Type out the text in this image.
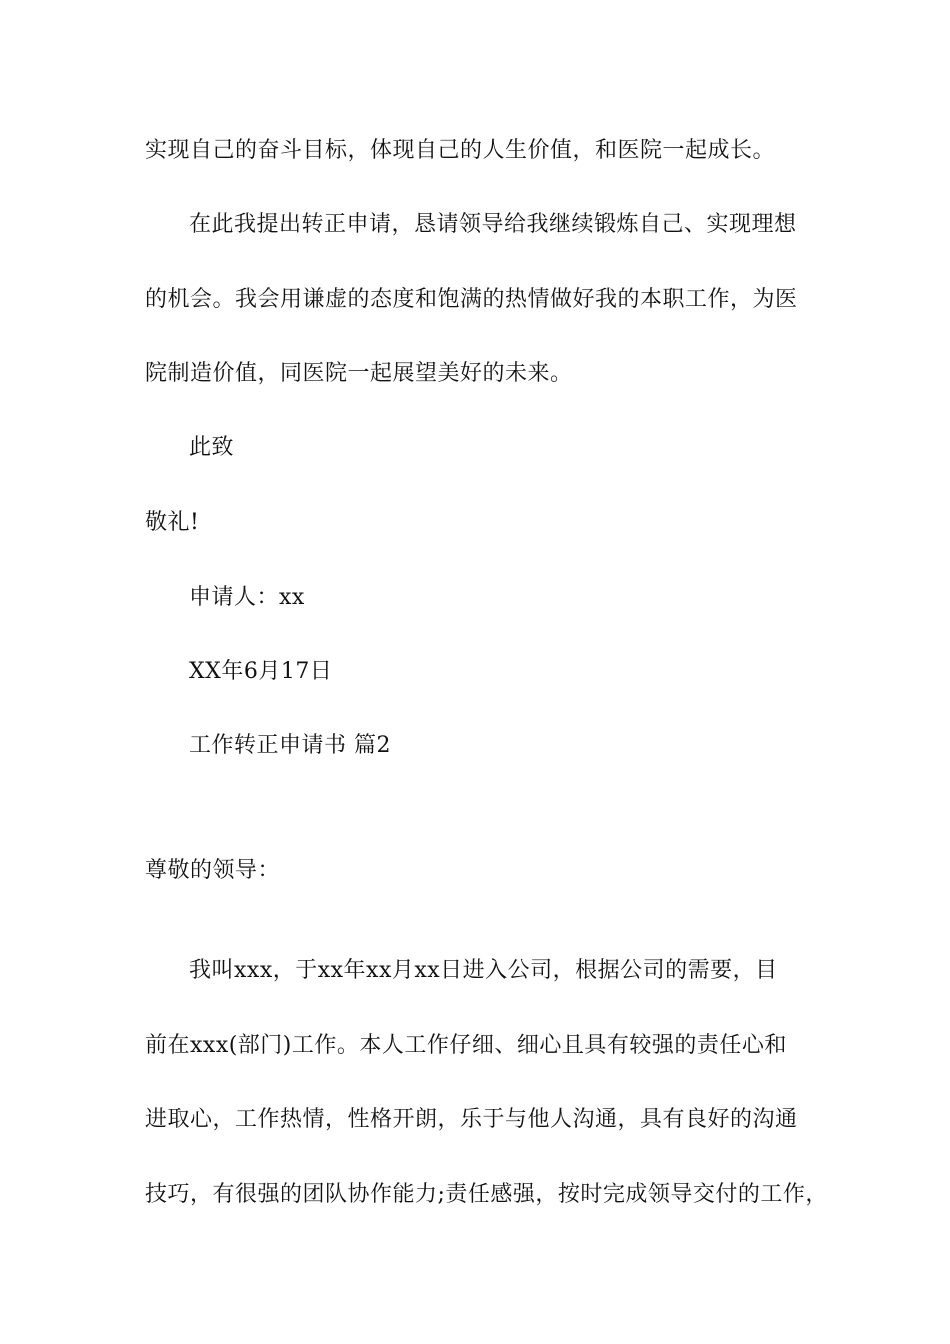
实现自己的奋斗目标，体现自己的人生价值，和医院一起成长。
在此我提出转正申请，恳请领导给我继续锻炼自己、实现理想
的机会。我会用谦虚的态度和饱满的热情做好我的本职工作，为医
院制造价值，同医院一起展望美好的未来。
此致
敬礼!
申请人：xx
XX年6月17日
工作转正申请书 篇2
尊敬的领导：
我叫xxx，于xx年xx月xx日进入公司，根据公司的需要，目
前在xxx(部门)工作。本人工作仔细、细心且具有较强的责任心和
进取心，工作热情，性格开朗，乐于与他人沟通，具有良好的沟通
技巧，有很强的团队协作能力;责任感强，按时完成领导交付的工作，
